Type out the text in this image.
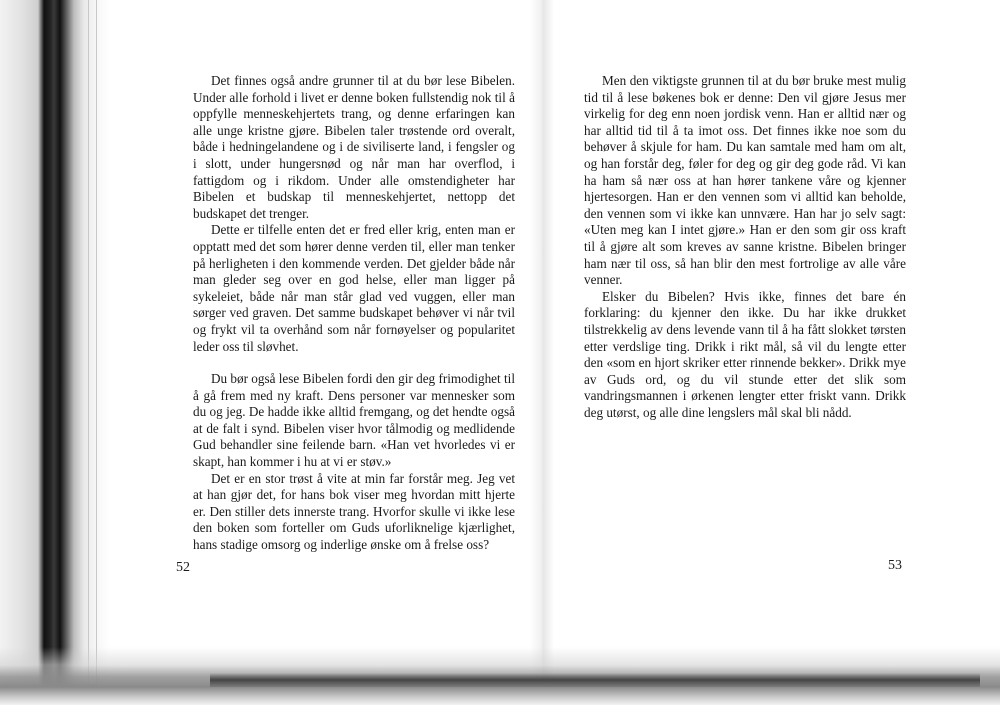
Det finnes også andre grunner til at du bør lese Bibelen. Under alle forhold i livet er denne boken fullstendig nok til å oppfylle menneskehjertets trang, og denne erfaringen kan alle unge kristne gjøre. Bibelen taler trøstende ord overalt, både i hedningelandene og i de siviliserte land, i fengsler og i slott, under hungersnød og når man har overflod, i fattigdom og i rikdom. Under alle omstendigheter har Bibelen et budskap til menneskehjertet, nettopp det budskapet det trenger.

Dette er tilfelle enten det er fred eller krig, enten man er opptatt med det som hører denne verden til, eller man tenker på herligheten i den kommende verden. Det gjelder både når man gleder seg over en god helse, eller man ligger på sykeleiet, både når man står glad ved vuggen, eller man sørger ved graven. Det samme budskapet behøver vi når tvil og frykt vil ta overhånd som når fornøyelser og popularitet leder oss til sløvhet.

Du bør også lese Bibelen fordi den gir deg frimodighet til å gå frem med ny kraft. Dens personer var mennesker som du og jeg. De hadde ikke alltid fremgang, og det hendte også at de falt i synd. Bibelen viser hvor tålmodig og medlidende Gud behandler sine feilende barn. «Han vet hvorledes vi er skapt, han kommer i hu at vi er støv.»

Det er en stor trøst å vite at min far forstår meg. Jeg vet at han gjør det, for hans bok viser meg hvordan mitt hjerte er. Den stiller dets innerste trang. Hvorfor skulle vi ikke lese den boken som forteller om Guds uforliknelige kjærlighet, hans stadige omsorg og inderlige ønske om å frelse oss?

52

Men den viktigste grunnen til at du bør bruke mest mulig tid til å lese bøkenes bok er denne: Den vil gjøre Jesus mer virkelig for deg enn noen jordisk venn. Han er alltid nær og har alltid tid til å ta imot oss. Det finnes ikke noe som du behøver å skjule for ham. Du kan samtale med ham om alt, og han forstår deg, føler for deg og gir deg gode råd. Vi kan ha ham så nær oss at han hører tankene våre og kjenner hjertesorgen. Han er den vennen som vi alltid kan beholde, den vennen som vi ikke kan unnvære. Han har jo selv sagt: «Uten meg kan I intet gjøre.» Han er den som gir oss kraft til å gjøre alt som kreves av sanne kristne. Bibelen bringer ham nær til oss, så han blir den mest fortrolige av alle våre venner.

Elsker du Bibelen? Hvis ikke, finnes det bare én forklaring: du kjenner den ikke. Du har ikke drukket tilstrekkelig av dens levende vann til å ha fått slokket tørsten etter verdslige ting. Drikk i rikt mål, så vil du lengte etter den «som en hjort skriker etter rinnende bekker». Drikk mye av Guds ord, og du vil stunde etter det slik som vandringsmannen i ørkenen lengter etter friskt vann. Drikk deg utørst, og alle dine lengslers mål skal bli nådd.

53
